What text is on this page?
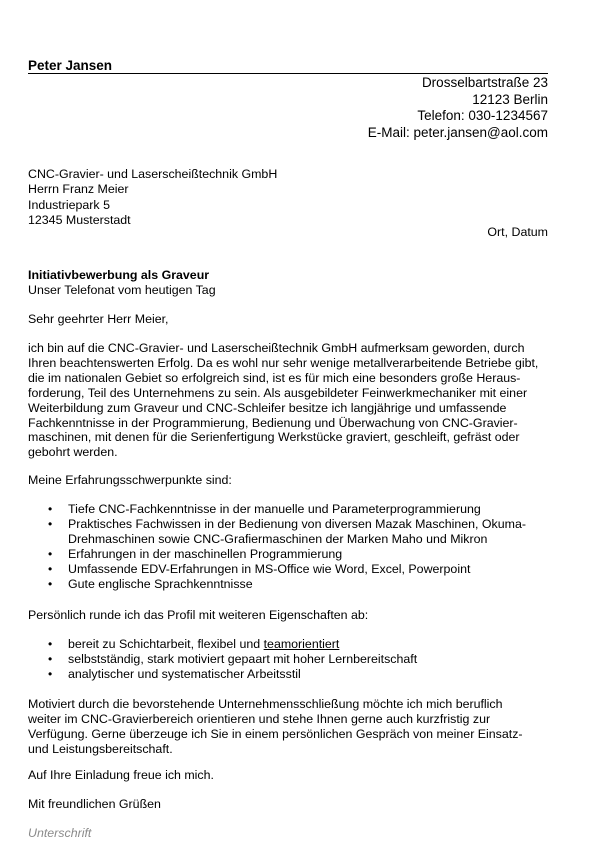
Peter Jansen
Drosselbartstraße 23
12123 Berlin
Telefon: 030-1234567
E-Mail: peter.jansen@aol.com
CNC-Gravier- und Laserscheißtechnik GmbH
Herrn Franz Meier
Industriepark 5
12345 Musterstadt
Ort, Datum
Initiativbewerbung als Graveur
Unser Telefonat vom heutigen Tag
Sehr geehrter Herr Meier,
ich bin auf die CNC-Gravier- und Laserscheißtechnik GmbH aufmerksam geworden, durch
Ihren beachtenswerten Erfolg. Da es wohl nur sehr wenige metallverarbeitende Betriebe gibt,
die im nationalen Gebiet so erfolgreich sind, ist es für mich eine besonders große Heraus-
forderung, Teil des Unternehmens zu sein. Als ausgebildeter Feinwerkmechaniker mit einer
Weiterbildung zum Graveur und CNC-Schleifer besitze ich langjährige und umfassende
Fachkenntnisse in der Programmierung, Bedienung und Überwachung von CNC-Gravier-
maschinen, mit denen für die Serienfertigung Werkstücke graviert, geschleift, gefräst oder
gebohrt werden.
Meine Erfahrungsschwerpunkte sind:
• Tiefe CNC-Fachkenntnisse in der manuelle und Parameterprogrammierung
• Praktisches Fachwissen in der Bedienung von diversen Mazak Maschinen, Okuma-
Drehmaschinen sowie CNC-Grafiermaschinen der Marken Maho und Mikron
• Erfahrungen in der maschinellen Programmierung
• Umfassende EDV-Erfahrungen in MS-Office wie Word, Excel, Powerpoint
• Gute englische Sprachkenntnisse
Persönlich runde ich das Profil mit weiteren Eigenschaften ab:
• bereit zu Schichtarbeit, flexibel und teamorientiert
• selbstständig, stark motiviert gepaart mit hoher Lernbereitschaft
• analytischer und systematischer Arbeitsstil
Motiviert durch die bevorstehende Unternehmensschließung möchte ich mich beruflich
weiter im CNC-Gravierbereich orientieren und stehe Ihnen gerne auch kurzfristig zur
Verfügung. Gerne überzeuge ich Sie in einem persönlichen Gespräch von meiner Einsatz-
und Leistungsbereitschaft.
Auf Ihre Einladung freue ich mich.
Mit freundlichen Grüßen
Unterschrift
